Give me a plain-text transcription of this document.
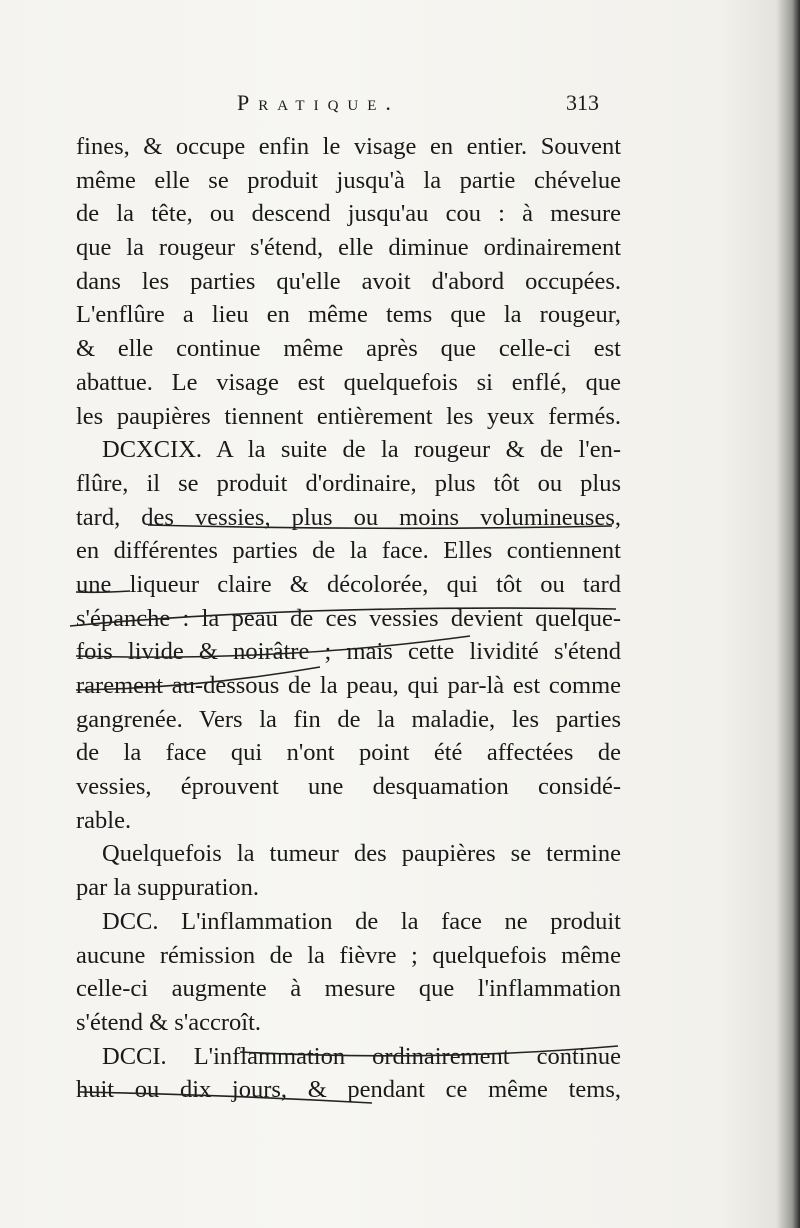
Pratique.	313
fines, & occupe enfin le visage en entier. Souvent
même elle se produit jusqu'à la partie chévelue
de la tête, ou descend jusqu'au cou : à mesure
que la rougeur s'étend, elle diminue ordinairement
dans les parties qu'elle avoit d'abord occupées.
L'enflûre a lieu en même tems que la rougeur,
& elle continue même après que celle-ci est
abattue. Le visage est quelquefois si enflé, que
les paupières tiennent entièrement les yeux fermés.
DCXCIX. A la suite de la rougeur & de l'en-
flûre, il se produit d'ordinaire, plus tôt ou plus
tard, des vessies, plus ou moins volumineuses,
en différentes parties de la face. Elles contiennent
une liqueur claire & décolorée, qui tôt ou tard
s'épanche : la peau de ces vessies devient quelque-
fois livide & noirâtre ; mais cette lividité s'étend
rarement au-dessous de la peau, qui par-là est comme
gangrenée. Vers la fin de la maladie, les parties
de la face qui n'ont point été affectées de
vessies, éprouvent une desquamation considé-
rable.
Quelquefois la tumeur des paupières se termine
par la suppuration.
DCC. L'inflammation de la face ne produit
aucune rémission de la fièvre ; quelquefois même
celle-ci augmente à mesure que l'inflammation
s'étend & s'accroît.
DCCI. L'inflammation ordinairement continue
huit ou dix jours, & pendant ce même tems,
